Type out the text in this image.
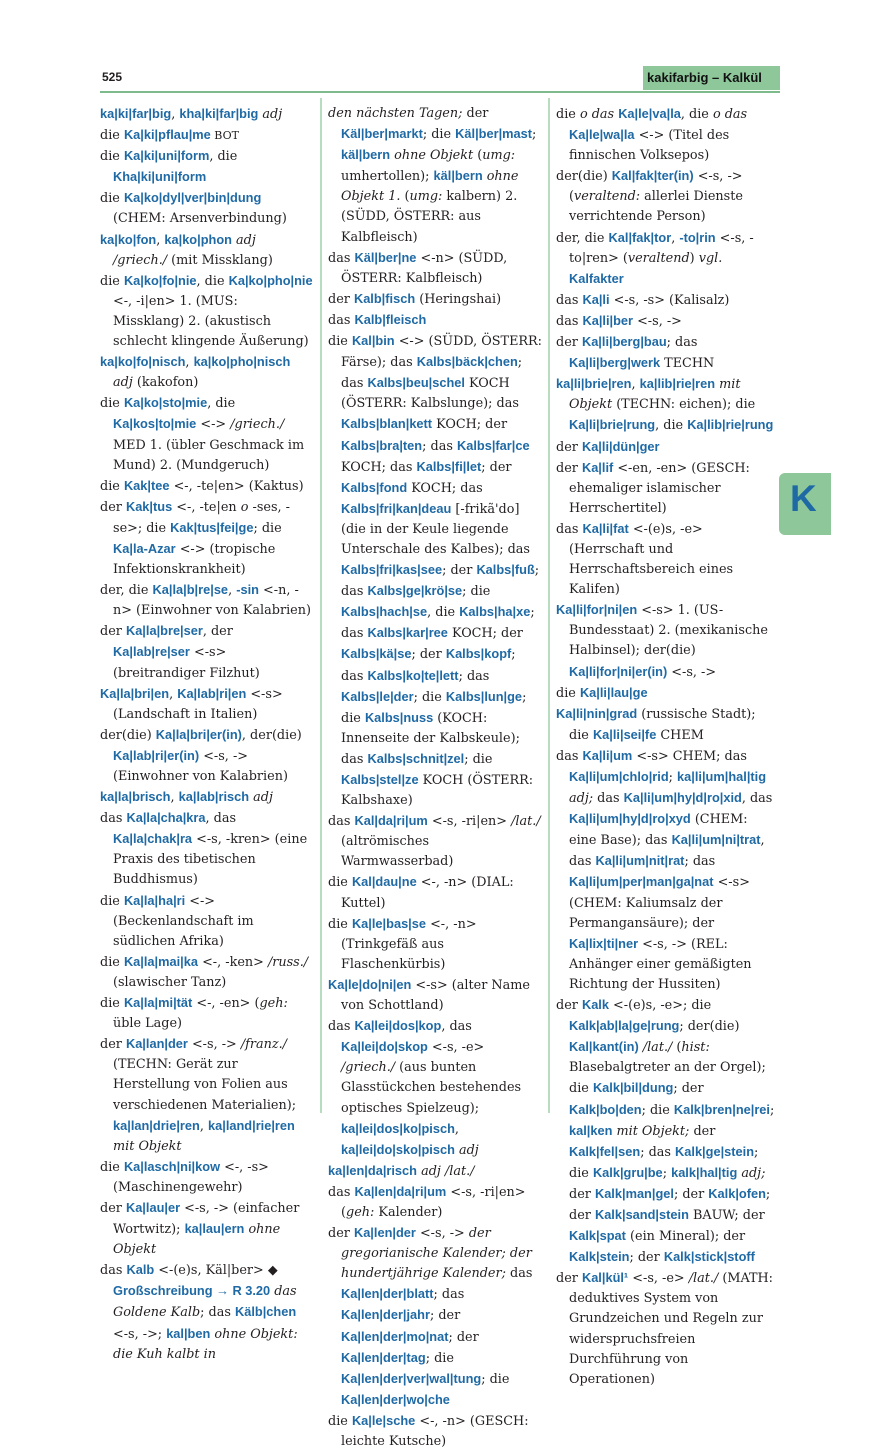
525	kakifarbig – Kalkül
ka|ki|far|big, kha|ki|far|big adj
die Ka|ki|pflau|me BOT
die Ka|ki|uni|form, die Kha|ki|uni|form
die Ka|ko|dyl|ver|bin|dung (CHEM: Arsenverbindung)
ka|ko|fon, ka|ko|phon adj /griech./ (mit Missklang)
die Ka|ko|fo|nie, die Ka|ko|pho|nie <-, -i|en> 1. (MUS: Missklang) 2. (akustisch schlecht klingende Äußerung)
ka|ko|fo|nisch, ka|ko|pho|nisch adj (kakofon)
die Ka|ko|sto|mie, die Ka|kos|to|mie <-> /griech./ MED 1. (übler Geschmack im Mund) 2. (Mundgeruch)
die Kak|tee <-, -te|en> (Kaktus)
der Kak|tus <-, -te|en o -ses, -se>; die Kak|tus|fei|ge; die Ka|la-Azar <-> (tropische Infektionskrankheit)
der, die Ka|la|b|re|se, -sin <-n, -n> (Einwohner von Kalabrien)
der Ka|la|bre|ser, der Ka|lab|re|ser <-s> (breitrandiger Filzhut)
Ka|la|bri|en, Ka|lab|ri|en <-s> (Landschaft in Italien)
der(die) Ka|la|bri|er(in), der(die) Ka|lab|ri|er(in) <-s, -> (Einwohner von Kalabrien)
ka|la|brisch, ka|lab|risch adj
das Ka|la|cha|kra, das Ka|la|chak|ra <-s, -kren> (eine Praxis des tibetischen Buddhismus)
die Ka|la|ha|ri <-> (Beckenlandschaft im südlichen Afrika)
die Ka|la|mai|ka <-, -ken> /russ./ (slawischer Tanz)
die Ka|la|mi|tät <-, -en> (geh: üble Lage)
der Ka|lan|der <-s, -> /franz./ (TECHN: Gerät zur Herstellung von Folien aus verschiedenen Materialien); ka|lan|drie|ren, ka|land|rie|ren mit Objekt
die Ka|lasch|ni|kow <-, -s> (Maschinengewehr)
der Ka|lau|er <-s, -> (einfacher Wortwitz); ka|lau|ern ohne Objekt
das Kalb <-(e)s, Käl|ber> ◆ Großschreibung → R 3.20 das Goldene Kalb; das Kälb|chen <-s, ->; kal|ben ohne Objekt: die Kuh kalbt in
den nächsten Tagen; der Käl|ber|markt; die Käl|ber|mast; käl|bern ohne Objekt (umg: umhertollen); käl|bern ohne Objekt 1. (umg: kalbern) 2. (SÜDD, ÖSTERR: aus Kalbfleisch)
das Käl|ber|ne <-n> (SÜDD, ÖSTERR: Kalbfleisch)
der Kalb|fisch (Heringshai)
das Kalb|fleisch
die Kal|bin <-> (SÜDD, ÖSTERR: Färse); das Kalbs|bäck|chen; das Kalbs|beu|schel KOCH (ÖSTERR: Kalbslunge); das Kalbs|blan|kett KOCH; der Kalbs|bra|ten; das Kalbs|far|ce KOCH; das Kalbs|fi|let; der Kalbs|fond KOCH; das Kalbs|fri|kan|deau [-frikã'do] (die in der Keule liegende Unterschale des Kalbes); das Kalbs|fri|kas|see; der Kalbs|fuß; das Kalbs|ge|krö|se; die Kalbs|hach|se, die Kalbs|ha|xe; das Kalbs|kar|ree KOCH; der Kalbs|kä|se; der Kalbs|kopf; das Kalbs|ko|te|lett; das Kalbs|le|der; die Kalbs|lun|ge; die Kalbs|nuss (KOCH: Innenseite der Kalbskeule); das Kalbs|schnit|zel; die Kalbs|stel|ze KOCH (ÖSTERR: Kalbshaxe)
das Kal|da|ri|um <-s, -ri|en> /lat./ (altrömisches Warmwasserbad)
die Kal|dau|ne <-, -n> (DIAL: Kuttel)
die Ka|le|bas|se <-, -n> (Trinkgefäß aus Flaschenkürbis)
Ka|le|do|ni|en <-s> (alter Name von Schottland)
das Ka|lei|dos|kop, das Ka|lei|do|skop <-s, -e> /griech./ (aus bunten Glasstückchen bestehendes optisches Spielzeug); ka|lei|dos|ko|pisch, ka|lei|do|sko|pisch adj
ka|len|da|risch adj /lat./
das Ka|len|da|ri|um <-s, -ri|en> (geh: Kalender)
der Ka|len|der <-s, -> der gregorianische Kalender; der hundertjährige Kalender; das Ka|len|der|blatt; das Ka|len|der|jahr; der Ka|len|der|mo|nat; der Ka|len|der|tag; die Ka|len|der|ver|wal|tung; die Ka|len|der|wo|che
die Ka|le|sche <-, -n> (GESCH: leichte Kutsche)
die o das Ka|le|va|la, die o das Ka|le|wa|la <-> (Titel des finnischen Volksepos)
der(die) Kal|fak|ter(in) <-s, -> (veraltend: allerlei Dienste verrichtende Person)
der, die Kal|fak|tor, -to|rin <-s, -to|ren> (veraltend) vgl. Kalfakter
das Ka|li <-s, -s> (Kalisalz)
das Ka|li|ber <-s, ->
der Ka|li|berg|bau; das Ka|li|berg|werk TECHN
ka|li|brie|ren, ka|lib|rie|ren mit Objekt (TECHN: eichen); die Ka|li|brie|rung, die Ka|lib|rie|rung
der Ka|li|dün|ger
der Ka|lif <-en, -en> (GESCH: ehemaliger islamischer Herrschertitel)
das Ka|li|fat <-(e)s, -e> (Herrschaft und Herrschaftsbereich eines Kalifen)
Ka|li|for|ni|en <-s> 1. (US-Bundesstaat) 2. (mexikanische Halbinsel); der(die) Ka|li|for|ni|er(in) <-s, ->
die Ka|li|lau|ge
Ka|li|nin|grad (russische Stadt); die Ka|li|sei|fe CHEM
das Ka|li|um <-s> CHEM; das Ka|li|um|chlo|rid; ka|li|um|hal|tig adj; das Ka|li|um|hy|d|ro|xid, das Ka|li|um|hy|d|ro|xyd (CHEM: eine Base); das Ka|li|um|ni|trat, das Ka|li|um|nit|rat; das Ka|li|um|per|man|ga|nat <-s> (CHEM: Kaliumsalz der Permangansäure); der Ka|lix|ti|ner <-s, -> (REL: Anhänger einer gemäßigten Richtung der Hussiten)
der Kalk <-(e)s, -e>; die Kalk|ab|la|ge|rung; der(die) Kal|kant(in) /lat./ (hist: Blasebalgtreter an der Orgel); die Kalk|bil|dung; der Kalk|bo|den; die Kalk|bren|ne|rei; kal|ken mit Objekt; der Kalk|fel|sen; das Kalk|ge|stein; die Kalk|gru|be; kalk|hal|tig adj; der Kalk|man|gel; der Kalk|ofen; der Kalk|sand|stein BAUW; der Kalk|spat (ein Mineral); der Kalk|stein; der Kalk|stick|stoff
der Kal|kül¹ <-s, -e> /lat./ (MATH: deduktives System von Grundzeichen und Regeln zur widerspruchsfreien Durchführung von Operationen)
K
